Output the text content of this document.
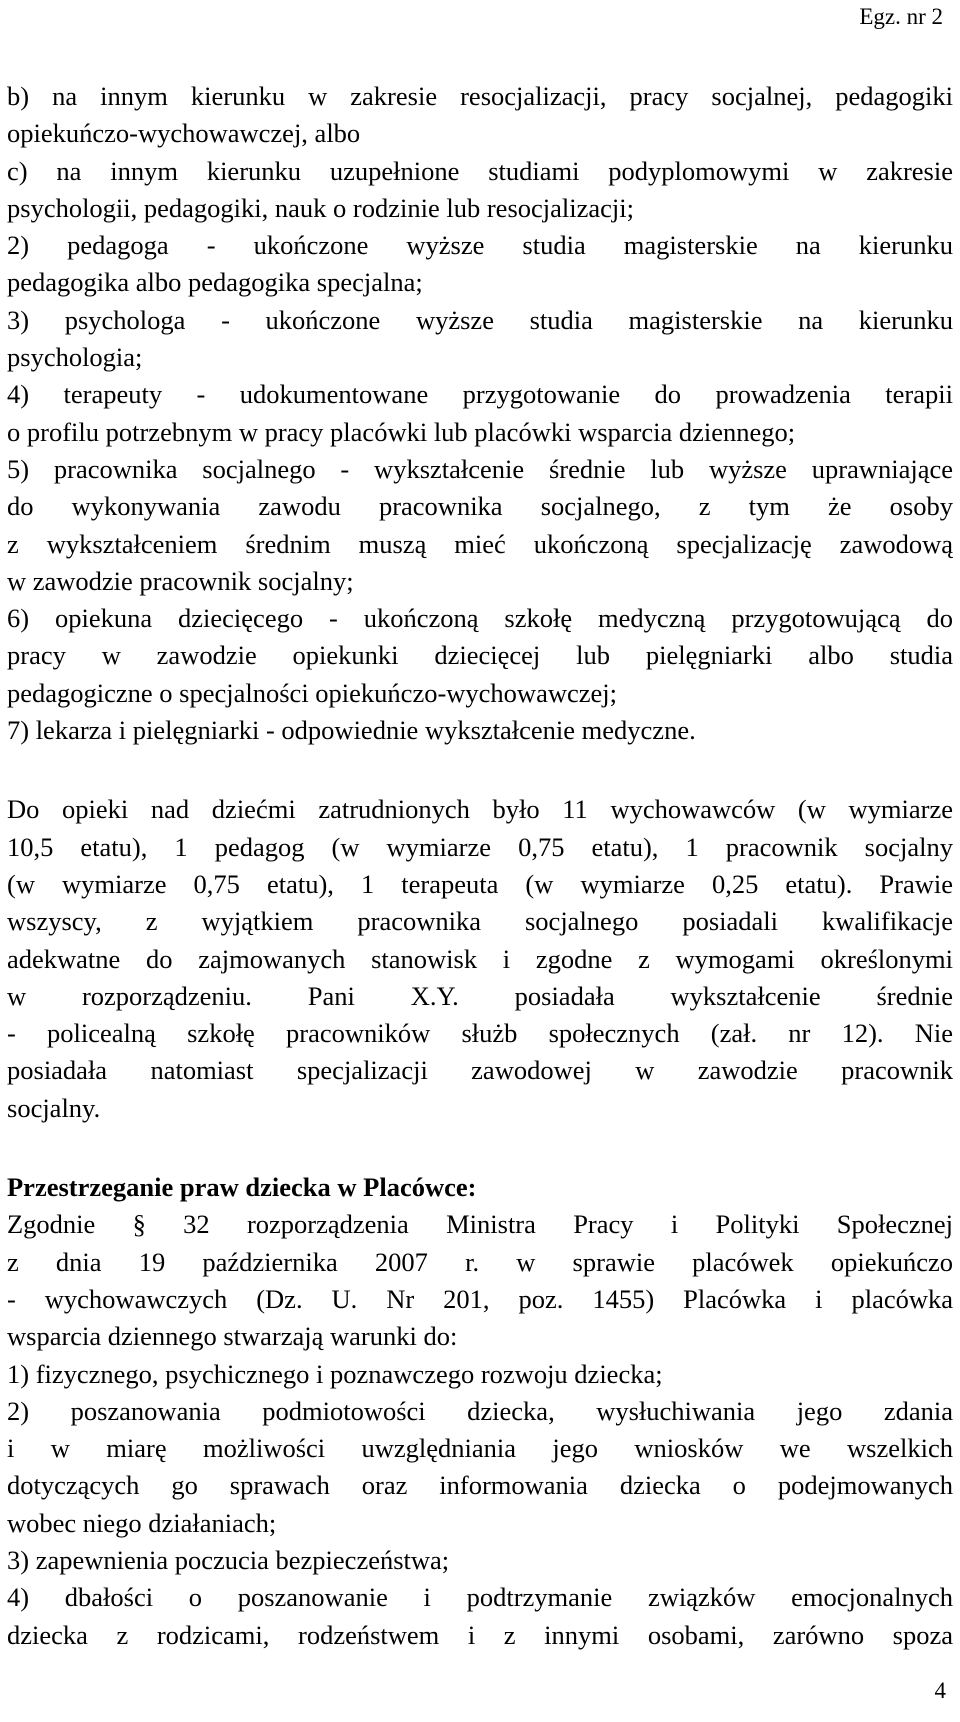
Egz. nr 2
b) na innym kierunku w zakresie resocjalizacji, pracy socjalnej, pedagogiki
opiekuńczo-wychowawczej, albo
c) na innym kierunku uzupełnione studiami podyplomowymi w zakresie
psychologii, pedagogiki, nauk o rodzinie lub resocjalizacji;
2) pedagoga - ukończone wyższe studia magisterskie na kierunku
pedagogika albo pedagogika specjalna;
3) psychologa - ukończone wyższe studia magisterskie na kierunku
psychologia;
4) terapeuty - udokumentowane przygotowanie do prowadzenia terapii
o profilu potrzebnym w pracy placówki lub placówki wsparcia dziennego;
5) pracownika socjalnego - wykształcenie średnie lub wyższe uprawniające
do wykonywania zawodu pracownika socjalnego, z tym że osoby
z wykształceniem średnim muszą mieć ukończoną specjalizację zawodową
w zawodzie pracownik socjalny;
6) opiekuna dziecięcego - ukończoną szkołę medyczną przygotowującą do
pracy w zawodzie opiekunki dziecięcej lub pielęgniarki albo studia
pedagogiczne o specjalności opiekuńczo-wychowawczej;
7) lekarza i pielęgniarki - odpowiednie wykształcenie medyczne.
Do opieki nad dziećmi zatrudnionych było 11 wychowawców (w wymiarze
10,5 etatu), 1 pedagog (w wymiarze 0,75 etatu), 1 pracownik socjalny
(w wymiarze 0,75 etatu), 1 terapeuta (w wymiarze 0,25 etatu). Prawie
wszyscy, z wyjątkiem pracownika socjalnego posiadali kwalifikacje
adekwatne do zajmowanych stanowisk i zgodne z wymogami określonymi
w rozporządzeniu. Pani X.Y. posiadała wykształcenie średnie
- policealną szkołę pracowników służb społecznych (zał. nr 12). Nie
posiadała natomiast specjalizacji zawodowej w zawodzie pracownik
socjalny.
Przestrzeganie praw dziecka w Placówce:
Zgodnie § 32 rozporządzenia Ministra Pracy i Polityki Społecznej
z dnia 19 października 2007 r. w sprawie placówek opiekuńczo
- wychowawczych (Dz. U. Nr 201, poz. 1455) Placówka i placówka
wsparcia dziennego stwarzają warunki do:
1) fizycznego, psychicznego i poznawczego rozwoju dziecka;
2) poszanowania podmiotowości dziecka, wysłuchiwania jego zdania
i w miarę możliwości uwzględniania jego wniosków we wszelkich
dotyczących go sprawach oraz informowania dziecka o podejmowanych
wobec niego działaniach;
3) zapewnienia poczucia bezpieczeństwa;
4) dbałości o poszanowanie i podtrzymanie związków emocjonalnych
dziecka z rodzicami, rodzeństwem i z innymi osobami, zarówno spoza
4
